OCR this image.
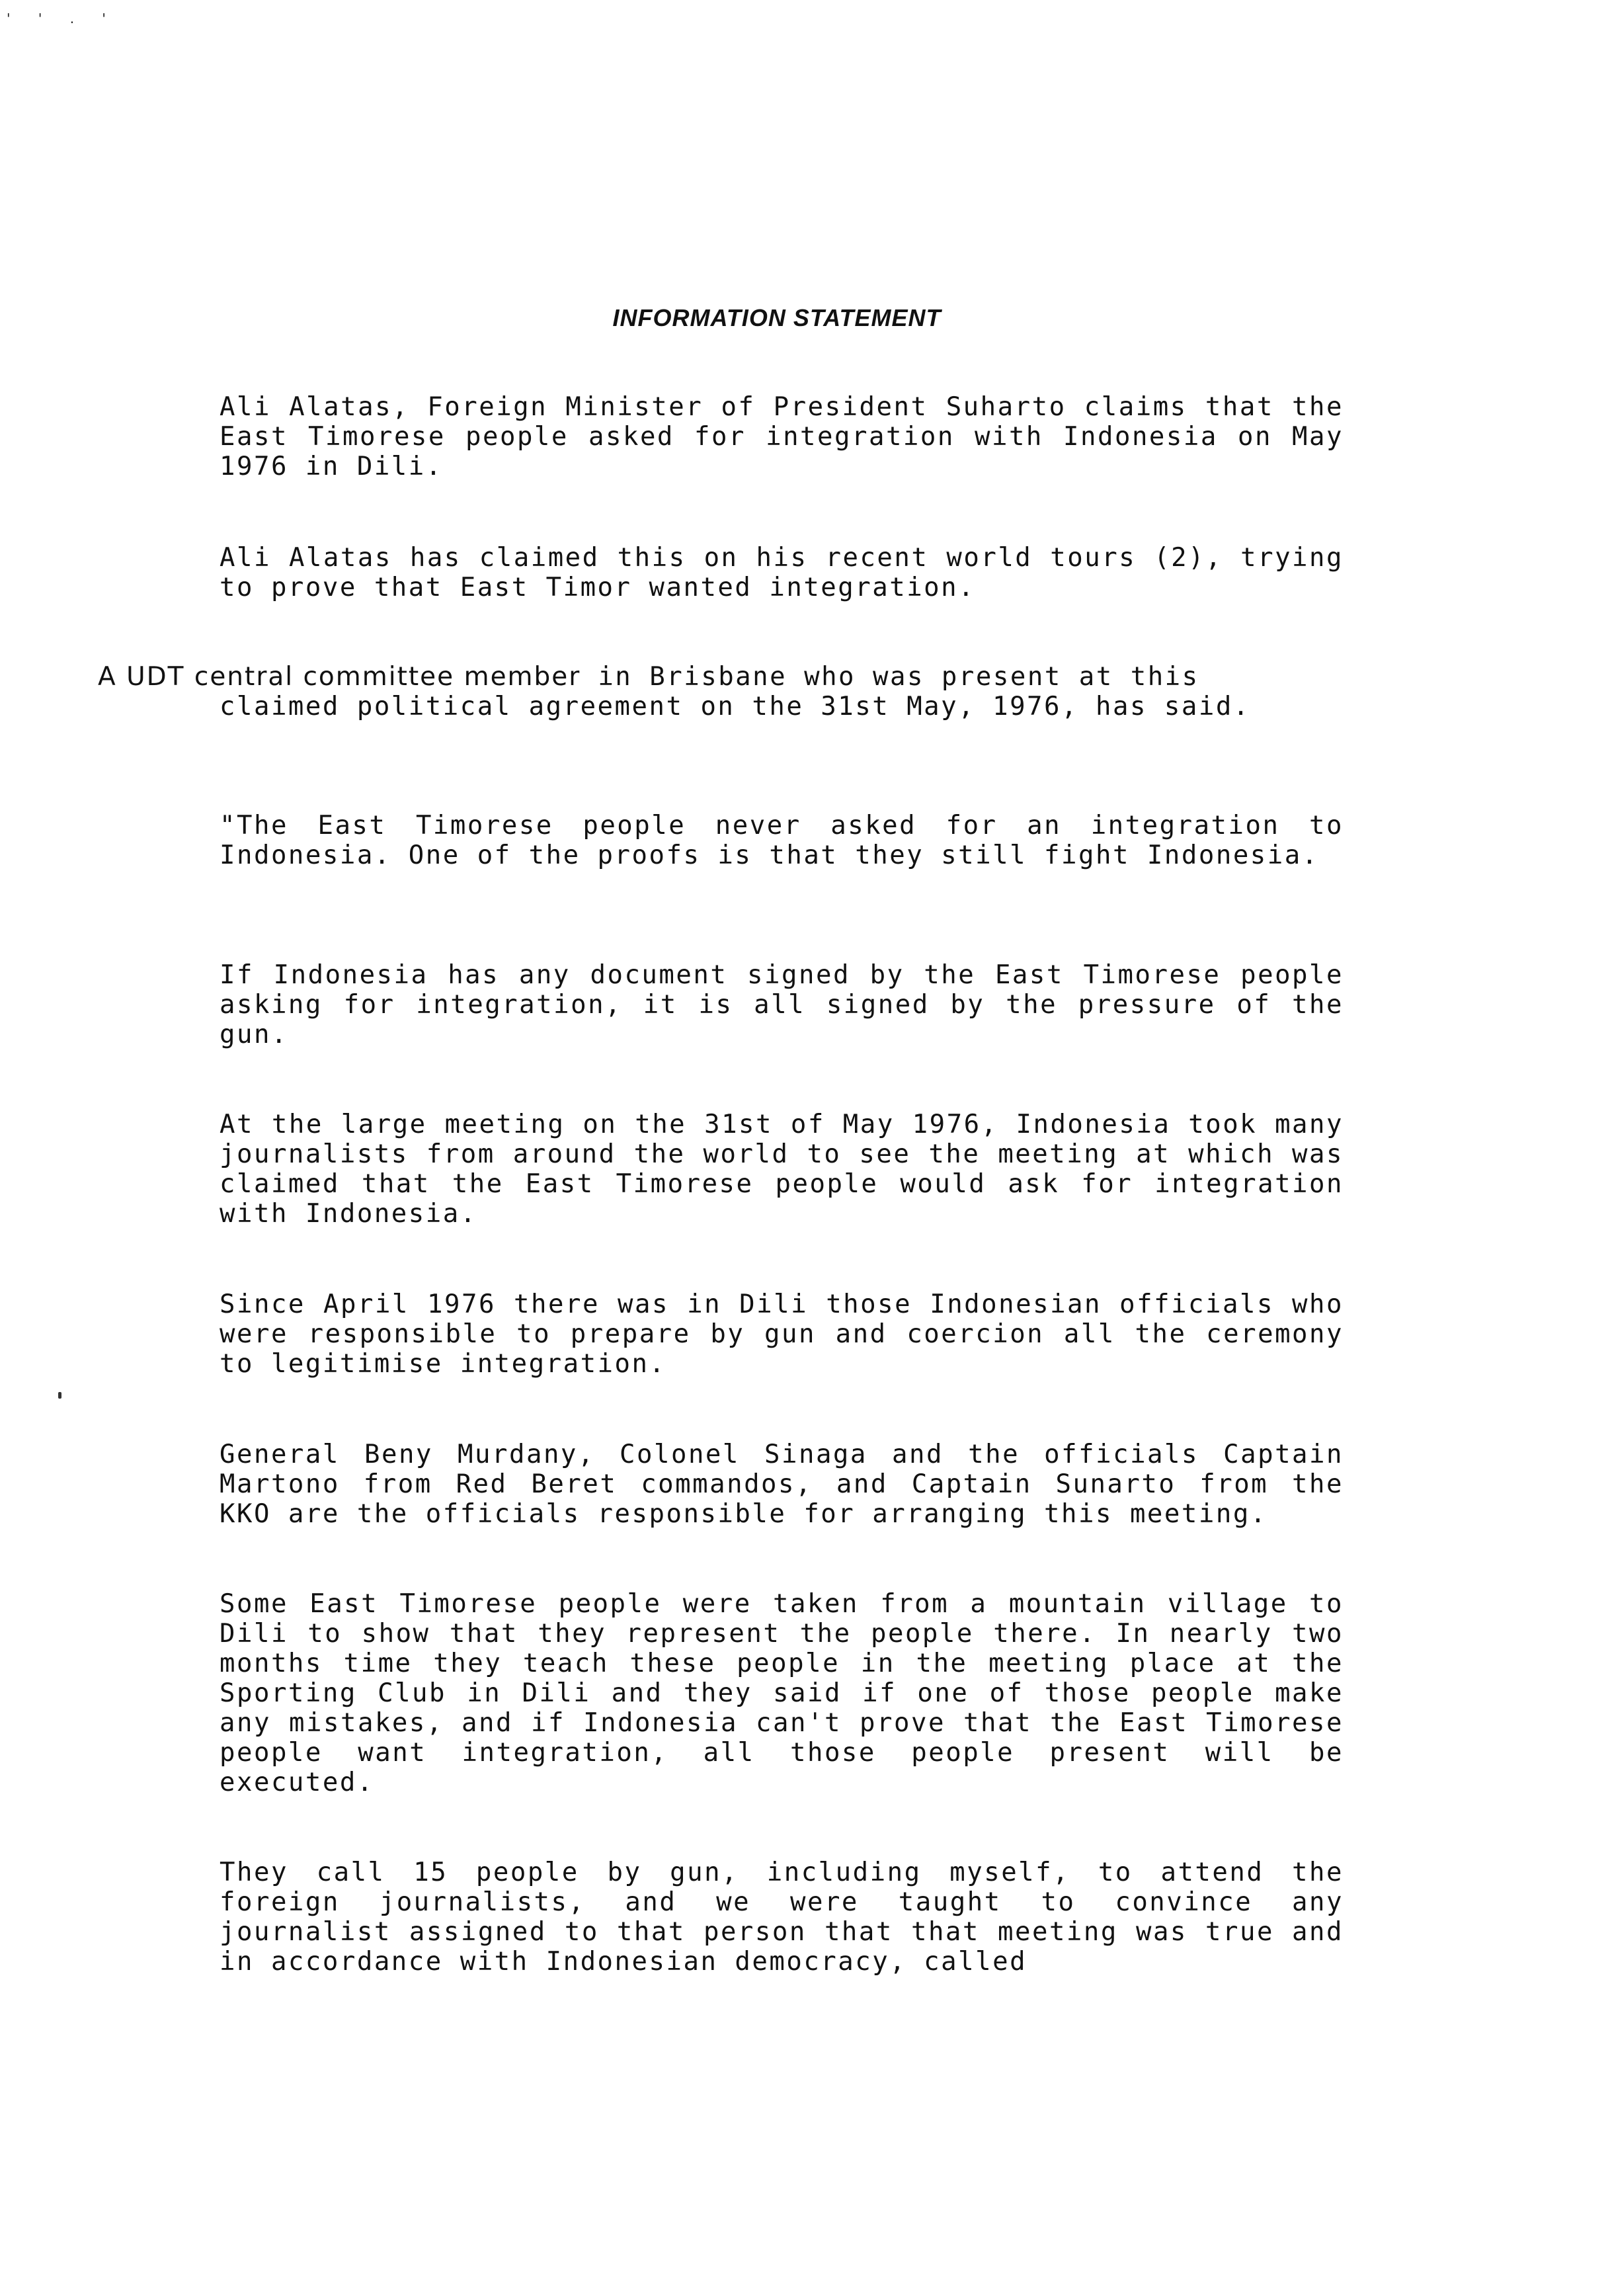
' ' . '
INFORMATION STATEMENT

Ali Alatas, Foreign Minister of President Suharto claims that the East Timorese people asked for integration with Indonesia on May 1976 in Dili.

Ali Alatas has claimed this on his recent world tours (2), trying to prove that East Timor wanted integration.

A UDT central committee member in Brisbane who was present at this
claimed political agreement on the 31st May, 1976, has said.

"The East Timorese people never asked for an integration to Indonesia. One of the proofs is that they still fight Indonesia.

If Indonesia has any document signed by the East Timorese people asking for integration, it is all signed by the pressure of the gun.

At the large meeting on the 31st of May 1976, Indonesia took many journalists from around the world to see the meeting at which was claimed that the East Timorese people would ask for integration with Indonesia.

Since April 1976 there was in Dili those Indonesian officials who were responsible to prepare by gun and coercion all the ceremony to legitimise integration.

General Beny Murdany, Colonel Sinaga and the officials Captain Martono from Red Beret commandos, and Captain Sunarto from the KKO are the officials responsible for arranging this meeting.

Some East Timorese people were taken from a mountain village to Dili to show that they represent the people there. In nearly two months time they teach these people in the meeting place at the Sporting Club in Dili and they said if one of those people make any mistakes, and if Indonesia can't prove that the East Timorese people want integration, all those people present will be executed.

They call 15 people by gun, including myself, to attend the foreign journalists, and we were taught to convince any journalist assigned to that person that that meeting was true and in accordance with Indonesian democracy, called
